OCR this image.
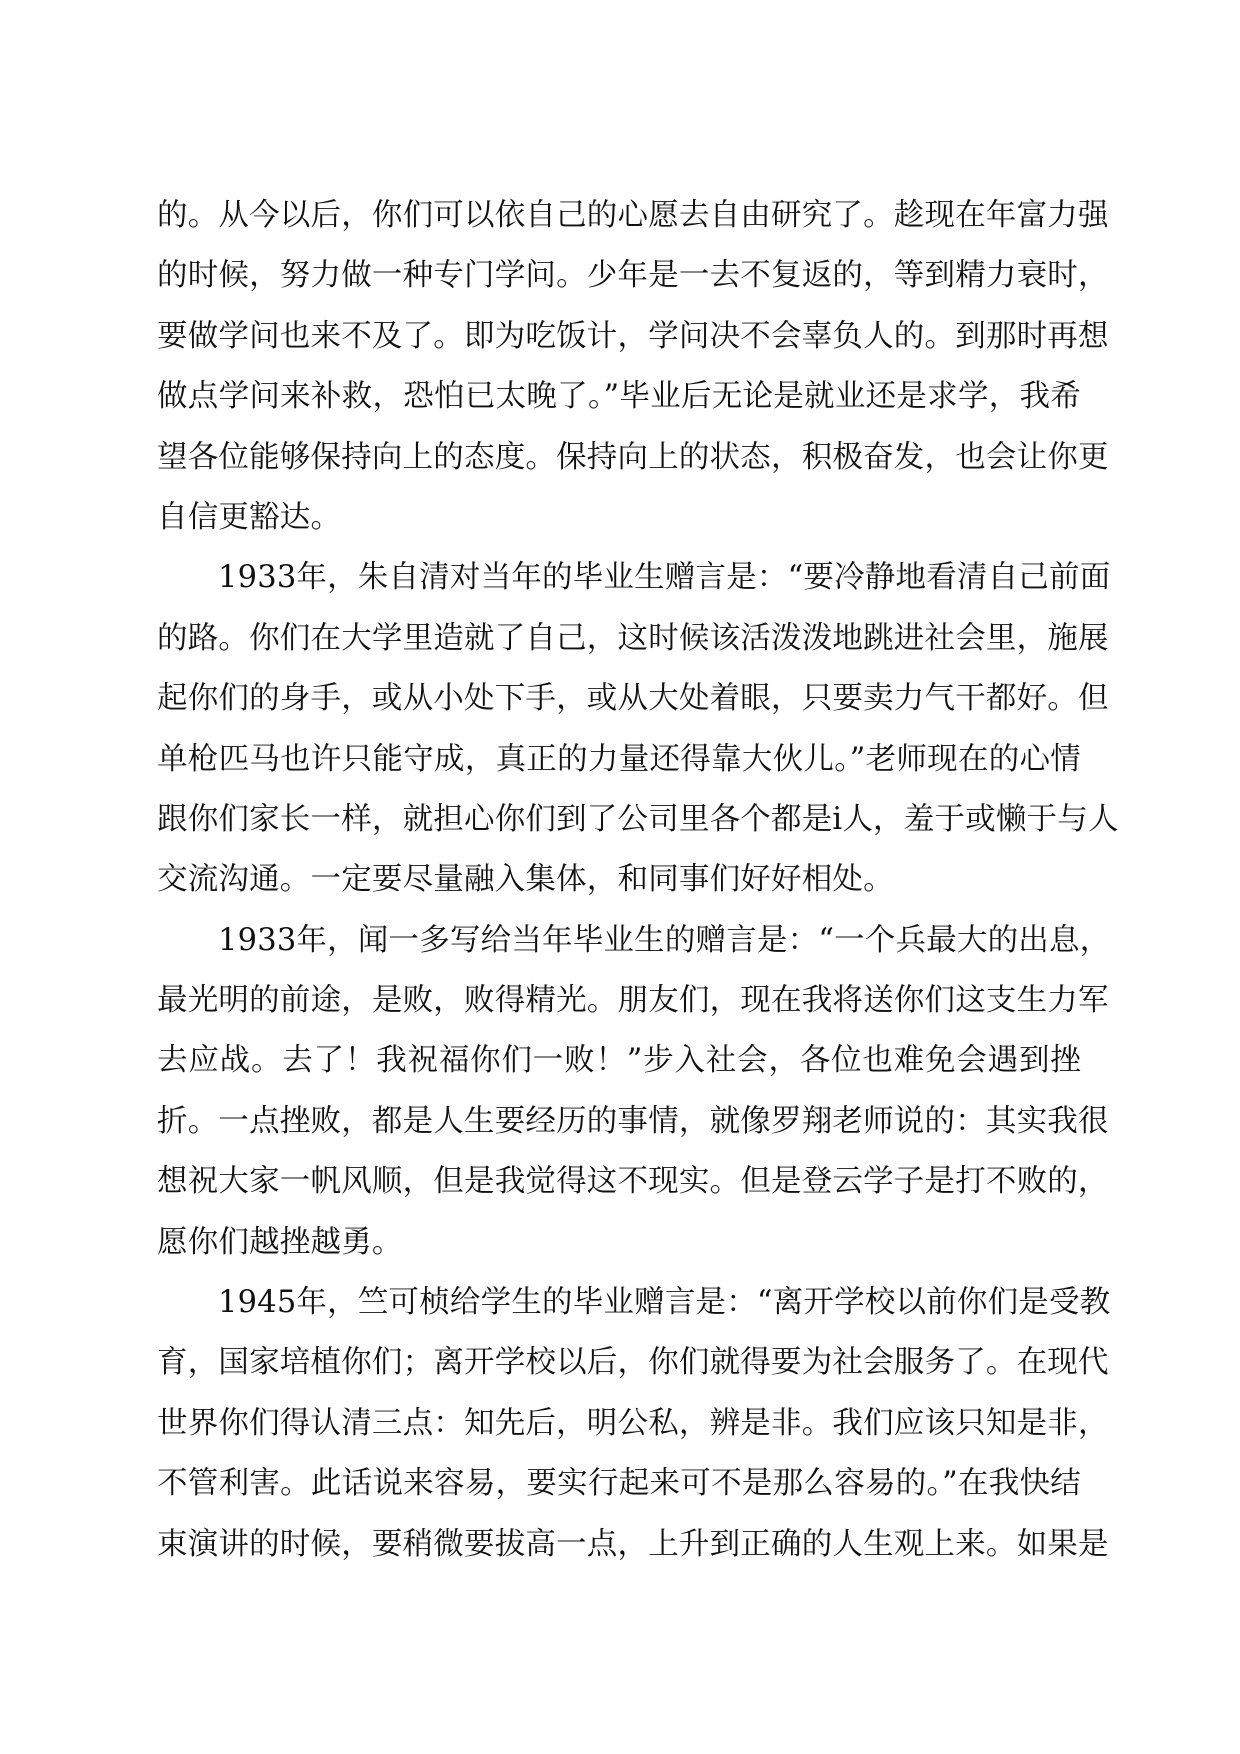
的。从今以后，你们可以依自己的心愿去自由研究了。趁现在年富力强
的时候，努力做一种专门学问。少年是一去不复返的，等到精力衰时，
要做学问也来不及了。即为吃饭计，学问决不会辜负人的。到那时再想
做点学问来补救，恐怕已太晚了。”毕业后无论是就业还是求学，我希
望各位能够保持向上的态度。保持向上的状态，积极奋发，也会让你更
自信更豁达。
1933年，朱自清对当年的毕业生赠言是：“要冷静地看清自己前面
的路。你们在大学里造就了自己，这时候该活泼泼地跳进社会里，施展
起你们的身手，或从小处下手，或从大处着眼，只要卖力气干都好。但
单枪匹马也许只能守成，真正的力量还得靠大伙儿。”老师现在的心情
跟你们家长一样，就担心你们到了公司里各个都是i人，羞于或懒于与人
交流沟通。一定要尽量融入集体，和同事们好好相处。
1933年，闻一多写给当年毕业生的赠言是：“一个兵最大的出息，
最光明的前途，是败，败得精光。朋友们，现在我将送你们这支生力军
去应战。去了！我祝福你们一败！”步入社会，各位也难免会遇到挫
折。一点挫败，都是人生要经历的事情，就像罗翔老师说的：其实我很
想祝大家一帆风顺，但是我觉得这不现实。但是登云学子是打不败的，
愿你们越挫越勇。
1945年，竺可桢给学生的毕业赠言是：“离开学校以前你们是受教
育，国家培植你们；离开学校以后，你们就得要为社会服务了。在现代
世界你们得认清三点：知先后，明公私，辨是非。我们应该只知是非，
不管利害。此话说来容易，要实行起来可不是那么容易的。”在我快结
束演讲的时候，要稍微要拔高一点，上升到正确的人生观上来。如果是
